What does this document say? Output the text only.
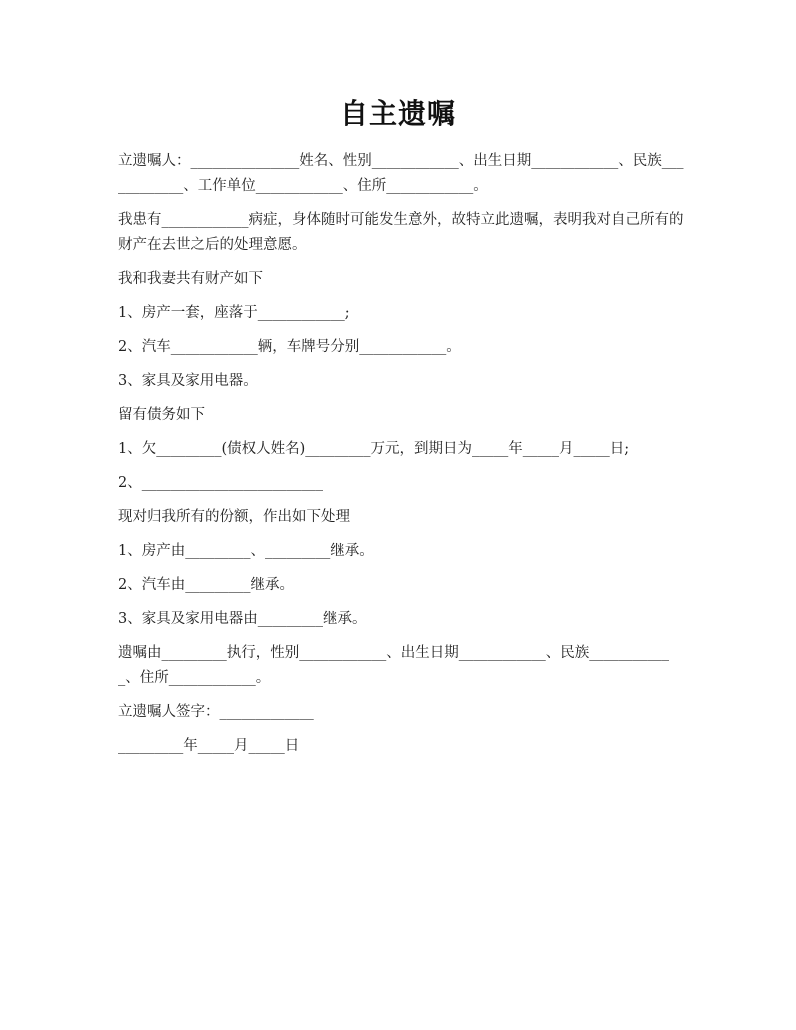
自主遗嘱

立遗嘱人：_______________姓名、性别____________、出生日期____________、民族____________、工作单位____________、住所____________。

我患有____________病症，身体随时可能发生意外，故特立此遗嘱，表明我对自己所有的财产在去世之后的处理意愿。

我和我妻共有财产如下

1、房产一套，座落于____________;

2、汽车____________辆，车牌号分别____________。

3、家具及家用电器。

留有债务如下

1、欠_________(债权人姓名)_________万元，到期日为_____年_____月_____日;

2、_________________________

现对归我所有的份额，作出如下处理

1、房产由_________、_________继承。

2、汽车由_________继承。

3、家具及家用电器由_________继承。

遗嘱由_________执行，性别____________、出生日期____________、民族____________、住所____________。

立遗嘱人签字：_____________

_________年_____月_____日
